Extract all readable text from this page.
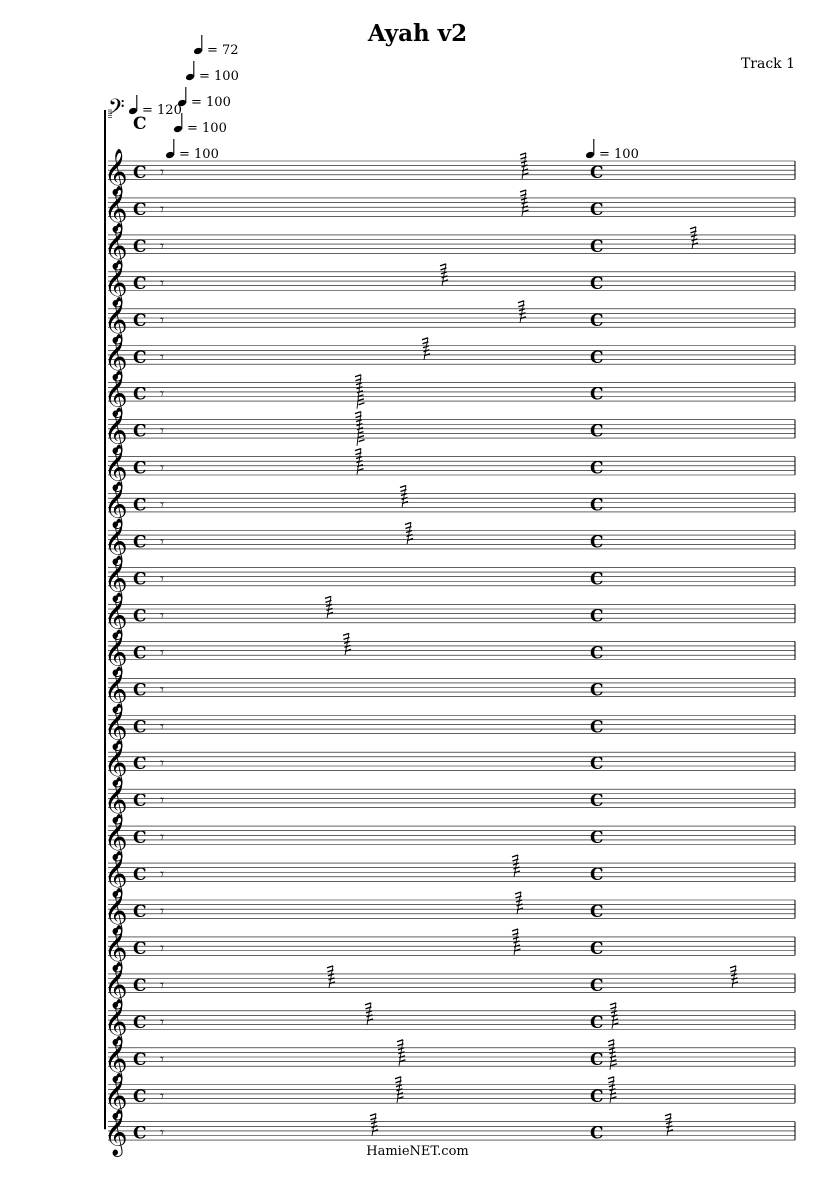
Ayah v2
Track 1
𝄢 C
= 72
= 100
= 100
= 120
= 100
= 100	= 100
𝄞 C	C
𝄾
𝄞 C	C
𝄾
𝄞 C	C
𝄾
𝄞 C	C
𝄾
𝄞 C	C
𝄾
𝄞 C	C
𝄾
𝄞 C	C
𝄾
𝄞 C	C
𝄾
𝄞 C	C
𝄾
𝄞 C	C
𝄾
𝄞 C	C
𝄾
𝄞 C	C
𝄾
𝄞 C	C
𝄾
𝄞 C	C
𝄾
𝄞 C	C
𝄾
𝄞 C	C
𝄾
𝄞 C	C
𝄾
𝄞 C	C
𝄾
𝄞 C	C
𝄾
𝄞 C	C
𝄾
𝄞 C	C
𝄾
𝄞 C	C
𝄾
𝄞 C	C
𝄾
𝄞 C	C
𝄾
𝄞 C	C
𝄾
𝄞 C	C
𝄾
𝄞 C	C
𝄾
HamieNET.com
